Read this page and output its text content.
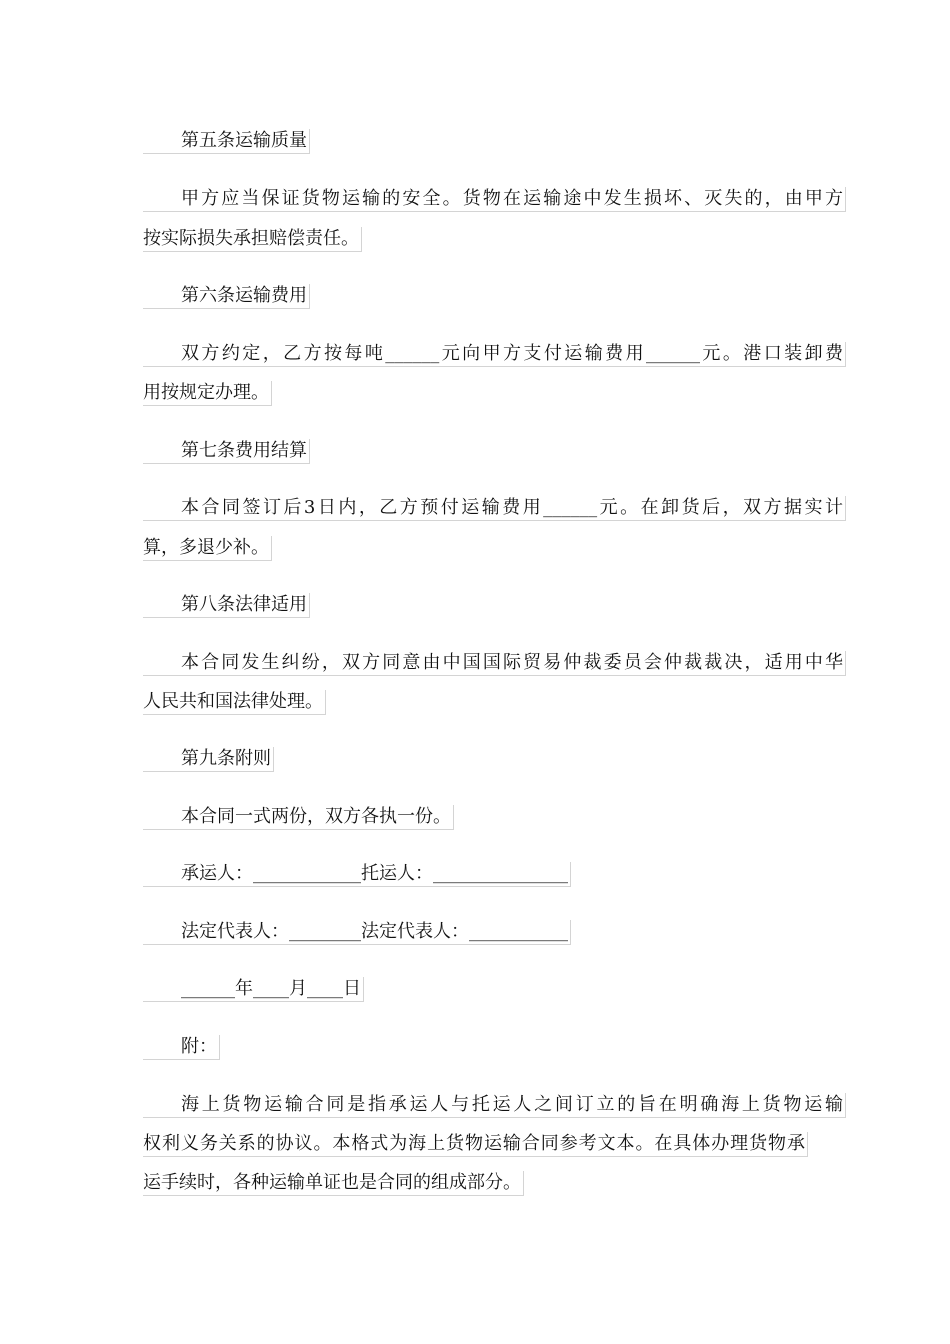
第五条运输质量
甲方应当保证货物运输的安全。货物在运输途中发生损坏、灭失的，由甲方
按实际损失承担赔偿责任。
第六条运输费用
双方约定，乙方按每吨______元向甲方支付运输费用______元。港口装卸费
用按规定办理。
第七条费用结算
本合同签订后3日内，乙方预付运输费用______元。在卸货后，双方据实计
算，多退少补。
第八条法律适用
本合同发生纠纷，双方同意由中国国际贸易仲裁委员会仲裁裁决，适用中华
人民共和国法律处理。
第九条附则
本合同一式两份，双方各执一份。
承运人：____________托运人：_______________
法定代表人：________法定代表人：___________
______年____月____日
附：
海上货物运输合同是指承运人与托运人之间订立的旨在明确海上货物运输
权利义务关系的协议。本格式为海上货物运输合同参考文本。在具体办理货物承
运手续时，各种运输单证也是合同的组成部分。
